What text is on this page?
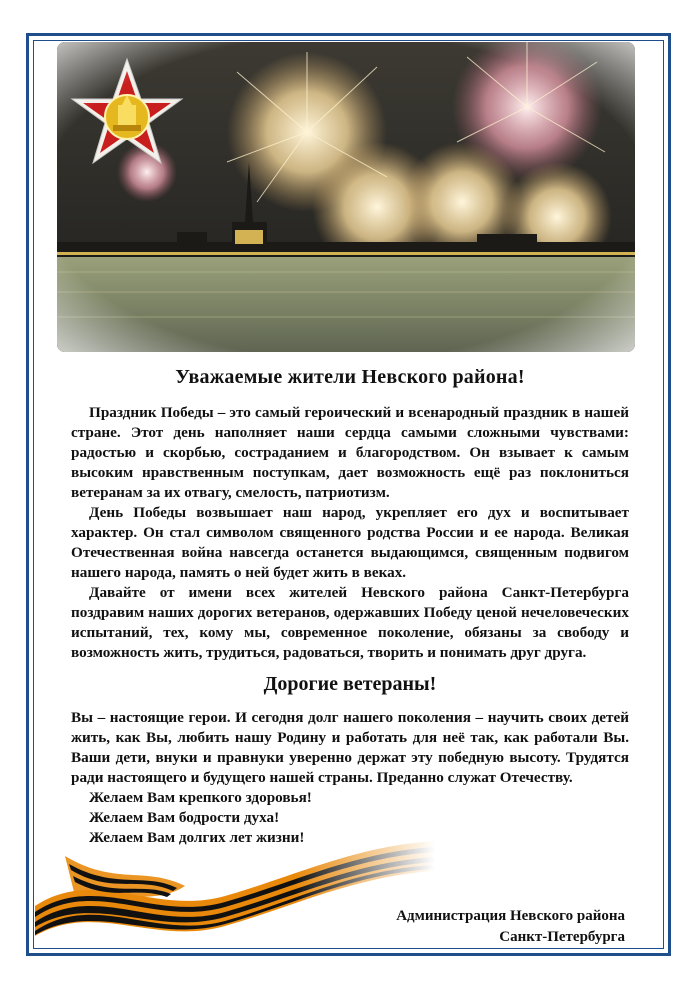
Уважаемые жители Невского района!

Праздник Победы – это самый героический и всенародный праздник в нашей стране. Этот день наполняет наши сердца самыми сложными чувствами: радостью и скорбью, состраданием и благородством. Он взывает к самым высоким нравственным поступкам, дает возможность ещё раз поклониться ветеранам за их отвагу, смелость, патриотизм.

День Победы возвышает наш народ, укрепляет его дух и воспитывает характер. Он стал символом священного родства России и ее народа. Великая Отечественная война навсегда останется выдающимся, священным подвигом нашего народа, память о ней будет жить в веках.

Давайте от имени всех жителей Невского района Санкт-Петербурга поздравим наших дорогих ветеранов, одержавших Победу ценой нечеловеческих испытаний, тех, кому мы, современное поколение, обязаны за свободу и возможность жить, трудиться, радоваться, творить и понимать друг друга.

Дорогие ветераны!

Вы – настоящие герои. И сегодня долг нашего поколения – научить своих детей жить, как Вы, любить нашу Родину и работать для неё так, как работали Вы. Ваши дети, внуки и правнуки уверенно держат эту победную высоту. Трудятся ради настоящего и будущего нашей страны. Преданно служат Отечеству.

Желаем Вам крепкого здоровья!

Желаем Вам бодрости духа!

Администрация Невского района
Санкт-Петербурга
